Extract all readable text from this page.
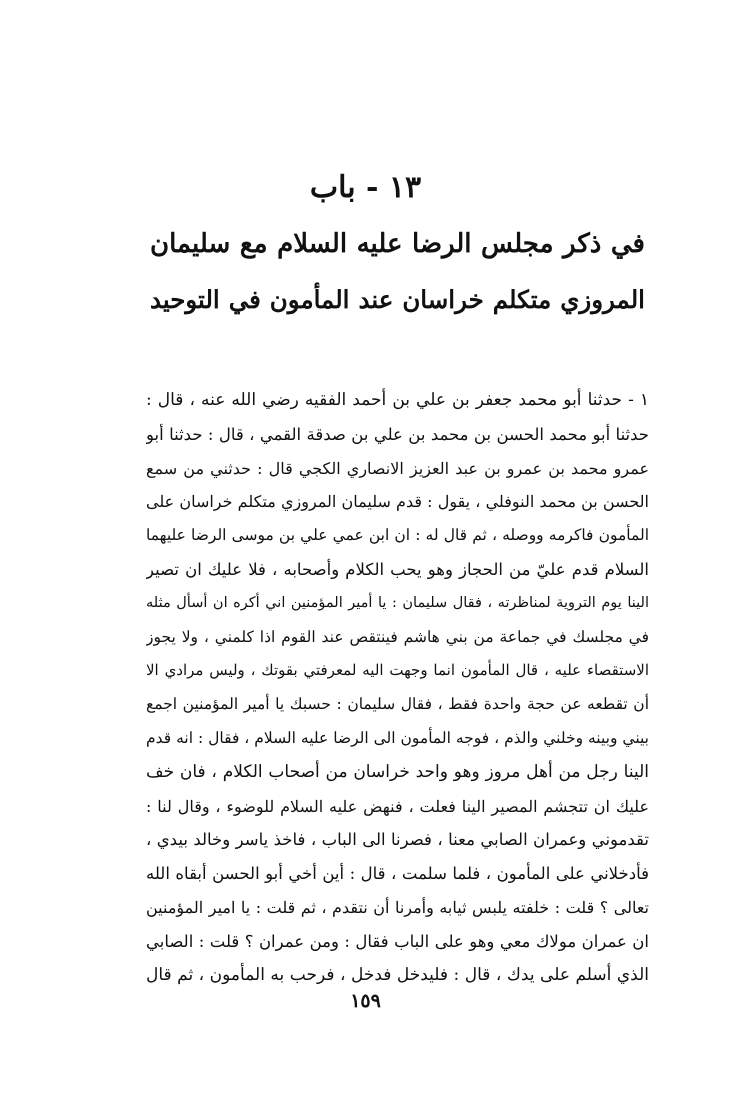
١٣ - باب
في ذكر مجلس الرضا عليه السلام مع سليمان
المروزي متكلم خراسان عند المأمون في التوحيد
١ - حدثنا أبو محمد جعفر بن علي بن أحمد الفقيه رضي الله عنه ، قال :
حدثنا أبو محمد الحسن بن محمد بن علي بن صدقة القمي ، قال : حدثنا أبو
عمرو محمد بن عمرو بن عبد العزيز الانصاري الكجي قال : حدثني من سمع
الحسن بن محمد النوفلي ، يقول : قدم سليمان المروزي متكلم خراسان على
المأمون فاكرمه ووصله ، ثم قال له : ان ابن عمي علي بن موسى الرضا عليهما
السلام قدم عليّ من الحجاز وهو يحب الكلام وأصحابه ، فلا عليك ان تصير
الينا يوم التروية لمناظرته ، فقال سليمان : يا أمير المؤمنين اني أكره ان أسأل مثله
في مجلسك في جماعة من بني هاشم فينتقص عند القوم اذا كلمني ، ولا يجوز
الاستقصاء عليه ، قال المأمون انما وجهت اليه لمعرفتي بقوتك ، وليس مرادي الا
أن تقطعه عن حجة واحدة فقط ، فقال سليمان : حسبك يا أمير المؤمنين اجمع
بيني وبينه وخلني والذم ، فوجه المأمون الى الرضا عليه السلام ، فقال : انه قدم
الينا رجل من أهل مروز وهو واحد خراسان من أصحاب الكلام ، فان خف
عليك ان تتجشم المصير الينا فعلت ، فنهض عليه السلام للوضوء ، وقال لنا :
تقدموني وعمران الصابي معنا ، فصرنا الى الباب ، فاخذ ياسر وخالد بيدي ،
فأدخلاني على المأمون ، فلما سلمت ، قال : أين أخي أبو الحسن أبقاه الله
تعالى ؟ قلت : خلفته يلبس ثيابه وأمرنا أن نتقدم ، ثم قلت : يا امير المؤمنين
ان عمران مولاك معي وهو على الباب فقال : ومن عمران ؟ قلت : الصابي
الذي أسلم على يدك ، قال : فليدخل فدخل ، فرحب به المأمون ، ثم قال
١٥٩
